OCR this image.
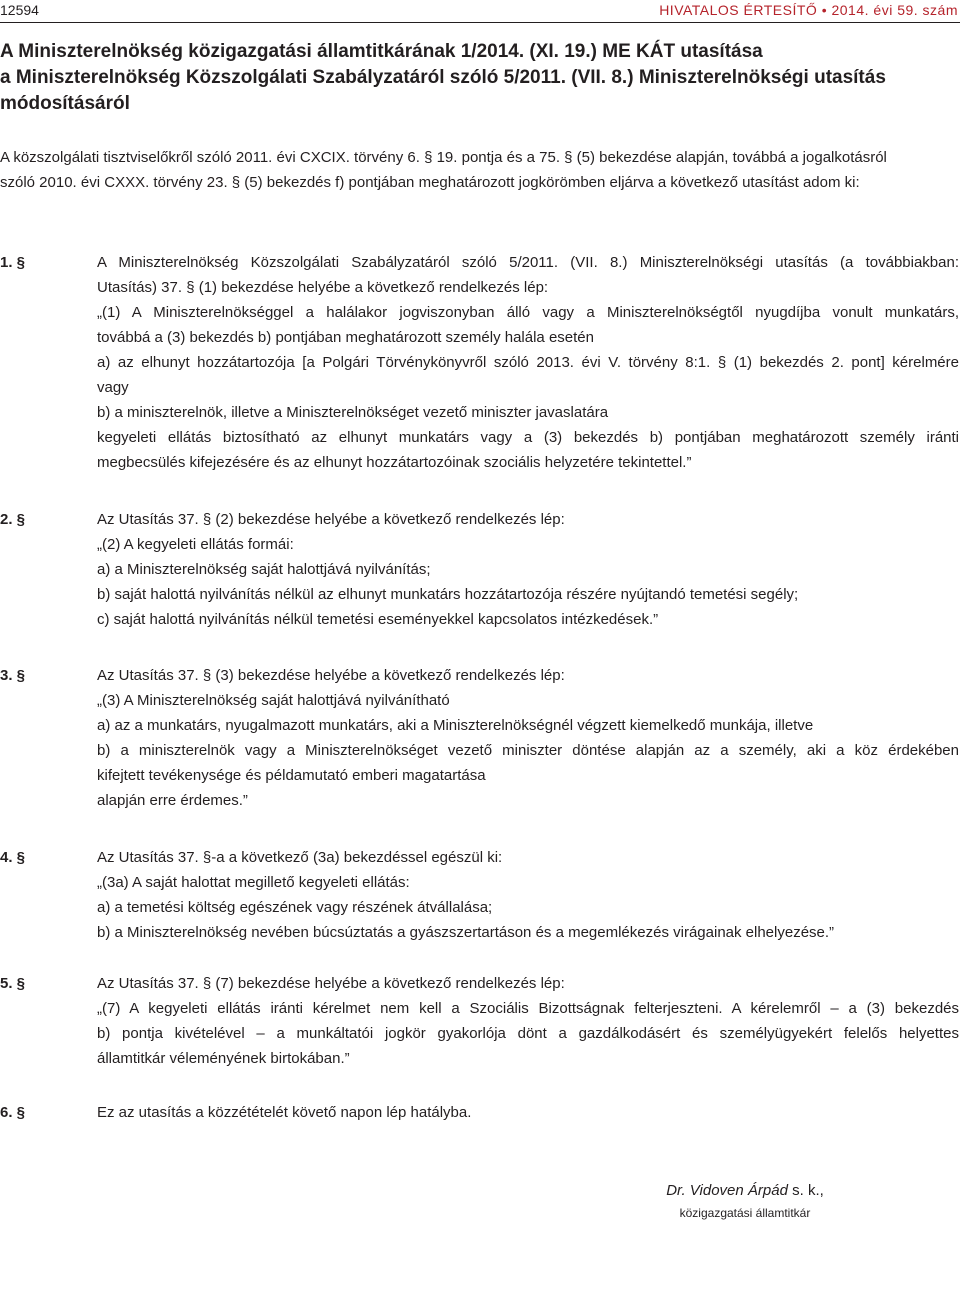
12594	HIVATALOS ÉRTESÍTŐ • 2014. évi 59. szám
A Miniszterelnökség közigazgatási államtitkárának 1/2014. (XI. 19.) ME KÁT utasítása
a Miniszterelnökség Közszolgálati Szabályzatáról szóló 5/2011. (VII. 8.) Miniszterelnökségi utasítás
módosításáról

A közszolgálati tisztviselőkről szóló 2011. évi CXCIX. törvény 6. § 19. pontja és a 75. § (5) bekezdése alapján, továbbá a jogalkotásról
szóló 2010. évi CXXX. törvény 23. § (5) bekezdés f) pontjában meghatározott jogkörömben eljárva a következő utasítást adom ki:

1. §	A Miniszterelnökség Közszolgálati Szabályzatáról szóló 5/2011. (VII. 8.) Miniszterelnökségi utasítás (a továbbiakban:
Utasítás) 37. § (1) bekezdése helyébe a következő rendelkezés lép:
„(1) A Miniszterelnökséggel a halálakor jogviszonyban álló vagy a Miniszterelnökségtől nyugdíjba vonult munkatárs,
továbbá a (3) bekezdés b) pontjában meghatározott személy halála esetén
a) az elhunyt hozzátartozója [a Polgári Törvénykönyvről szóló 2013. évi V. törvény 8:1. § (1) bekezdés 2. pont] kérelmére
vagy
b) a miniszterelnök, illetve a Miniszterelnökséget vezető miniszter javaslatára
kegyeleti ellátás biztosítható az elhunyt munkatárs vagy a (3) bekezdés b) pontjában meghatározott személy iránti
megbecsülés kifejezésére és az elhunyt hozzátartozóinak szociális helyzetére tekintettel.”
2. §	Az Utasítás 37. § (2) bekezdése helyébe a következő rendelkezés lép:
„(2) A kegyeleti ellátás formái:
a) a Miniszterelnökség saját halottjává nyilvánítás;
b) saját halottá nyilvánítás nélkül az elhunyt munkatárs hozzátartozója részére nyújtandó temetési segély;
c) saját halottá nyilvánítás nélkül temetési eseményekkel kapcsolatos intézkedések.”
3. §	Az Utasítás 37. § (3) bekezdése helyébe a következő rendelkezés lép:
„(3) A Miniszterelnökség saját halottjává nyilvánítható
a) az a munkatárs, nyugalmazott munkatárs, aki a Miniszterelnökségnél végzett kiemelkedő munkája, illetve
b) a miniszterelnök vagy a Miniszterelnökséget vezető miniszter döntése alapján az a személy, aki a köz érdekében
kifejtett tevékenysége és példamutató emberi magatartása
alapján erre érdemes.”
4. §	Az Utasítás 37. §-a a következő (3a) bekezdéssel egészül ki:
„(3a) A saját halottat megillető kegyeleti ellátás:
a) a temetési költség egészének vagy részének átvállalása;
b) a Miniszterelnökség nevében búcsúztatás a gyászszertartáson és a megemlékezés virágainak elhelyezése.”
5. §	Az Utasítás 37. § (7) bekezdése helyébe a következő rendelkezés lép:
„(7) A kegyeleti ellátás iránti kérelmet nem kell a Szociális Bizottságnak felterjeszteni. A kérelemről – a (3) bekezdés
b) pontja kivételével – a munkáltatói jogkör gyakorlója dönt a gazdálkodásért és személyügyekért felelős helyettes
államtitkár véleményének birtokában.”
6. §	Ez az utasítás a közzétételét követő napon lép hatályba.
Dr. Vidoven Árpád s. k.,
közigazgatási államtitkár
